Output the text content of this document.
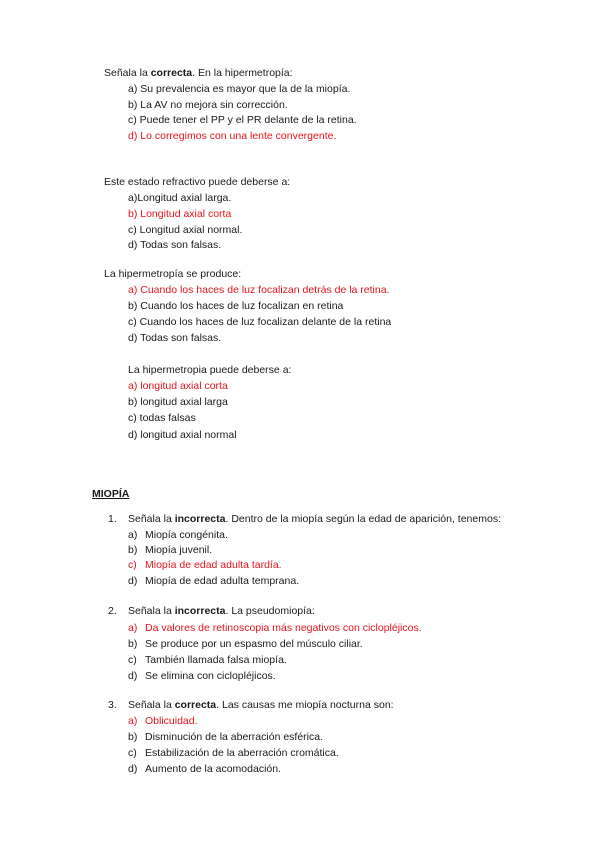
Señala la correcta. En la hipermetropía:
a) Su prevalencia es mayor que la de la miopía.
b) La AV no mejora sin corrección.
c) Puede tener el PP y el PR delante de la retina.
d) Lo corregimos con una lente convergente.
Este estado refractivo puede deberse a:
a)Longitud axial larga.
b) Longitud axial corta
c) Longitud axial normal.
d) Todas son falsas.
La hipermetropía se produce:
a) Cuando los haces de luz focalizan detrás de la retina.
b) Cuando los haces de luz focalizan en retina
c) Cuando los haces de luz focalizan delante de la retina
d) Todas son falsas.
La hipermetropia puede deberse a:
a) longitud axial corta
b) longitud axial larga
c) todas falsas
d) longitud axial normal
MIOPÍA
1. Señala la incorrecta. Dentro de la miopía según la edad de aparición, tenemos:
a) Miopía congénita.
b) Miopía juvenil.
c) Miopía de edad adulta tardía.
d) Miopía de edad adulta temprana.
2. Señala la incorrecta. La pseudomiopía:
a) Da valores de retinoscopia más negativos con ciclopléjicos.
b) Se produce por un espasmo del músculo ciliar.
c) También llamada falsa miopía.
d) Se elimina con ciclopléjicos.
3. Señala la correcta. Las causas me miopía nocturna son:
a) Oblicuidad.
b) Disminución de la aberración esférica.
c) Estabilización de la aberración cromática.
d) Aumento de la acomodación.
